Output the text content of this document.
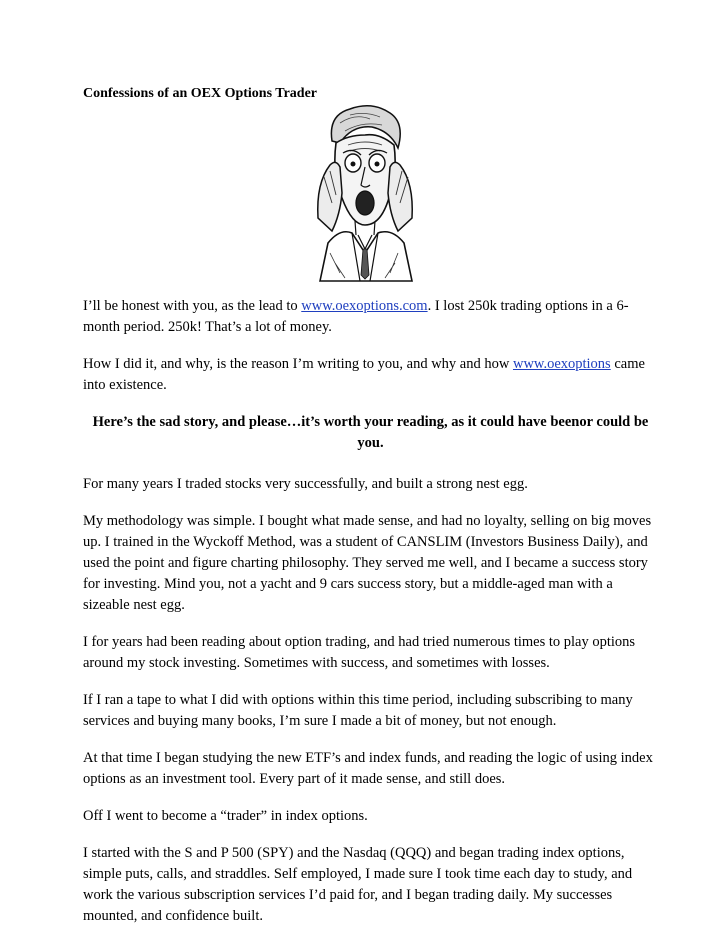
Confessions of an OEX Options Trader

I’ll be honest with you, as the lead to www.oexoptions.com. I lost 250k trading options in a 6-month period. 250k! That’s a lot of money.

How I did it, and why, is the reason I’m writing to you, and why and how www.oexoptions came into existence.

Here’s the sad story, and please…it’s worth your reading, as it could have beenor could be you.

For many years I traded stocks very successfully, and built a strong nest egg.

My methodology was simple. I bought what made sense, and had no loyalty, selling on big moves up. I trained in the Wyckoff Method, was a student of CANSLIM (Investors Business Daily), and used the point and figure charting philosophy. They served me well, and I became a success story for investing. Mind you, not a yacht and 9 cars success story, but a middle-aged man with a sizeable nest egg.

I for years had been reading about option trading, and had tried numerous times to play options around my stock investing. Sometimes with success, and sometimes with losses.

If I ran a tape to what I did with options within this time period, including subscribing to many services and buying many books, I’m sure I made a bit of money, but not enough.

At that time I began studying the new ETF’s and index funds, and reading the logic of using index options as an investment tool. Every part of it made sense, and still does.

Off I went to become a “trader” in index options.

I started with the S and P 500 (SPY) and the Nasdaq (QQQ) and began trading index options, simple puts, calls, and straddles. Self employed, I made sure I took time each day to study, and work the various subscription services I’d paid for, and I began trading daily. My successes mounted, and confidence built.
